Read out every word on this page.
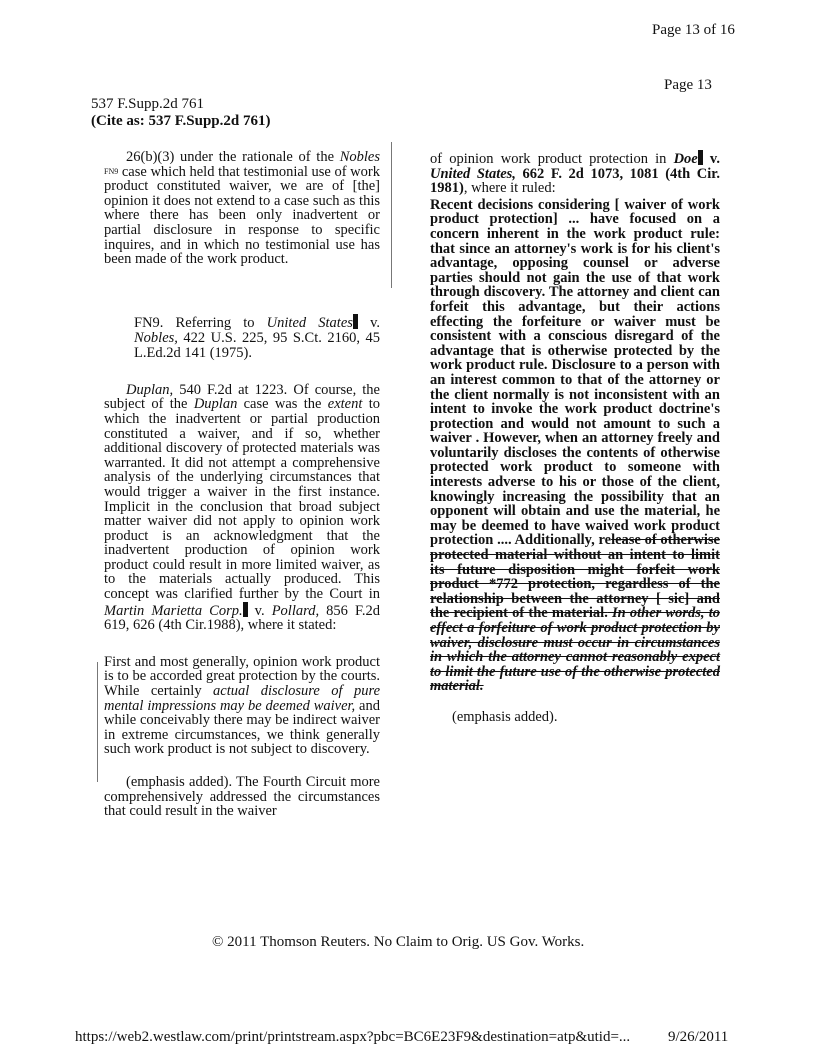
Page 13 of 16
Page 13
537 F.Supp.2d 761
(Cite as: 537 F.Supp.2d 761)

26(b)(3) under the rationale of the Nobles $^{FN9}$ case which held that testimonial use of work product constituted waiver, we are of [the] opinion it does not extend to a case such as this where there has been only inadvertent or partial disclosure in response to specific inquires, and in which no testimonial use has been made of the work product.

FN9. Referring to United States v. Nobles, 422 U.S. 225, 95 S.Ct. 2160, 45 L.Ed.2d 141 (1975).

Duplan, 540 F.2d at 1223. Of course, the subject of the Duplan case was the extent to which the inadvertent or partial production constituted a waiver, and if so, whether additional discovery of protected materials was warranted. It did not attempt a comprehensive analysis of the underlying circumstances that would trigger a waiver in the first instance. Implicit in the conclusion that broad subject matter waiver did not apply to opinion work product is an acknowledgment that the inadvertent production of opinion work product could result in more limited waiver, as to the materials actually produced. This concept was clarified further by the Court in Martin Marietta Corp. v. Pollard, 856 F.2d 619, 626 (4th Cir.1988), where it stated:

First and most generally, opinion work product is to be accorded great protection by the courts. While certainly actual disclosure of pure mental impressions may be deemed waiver, and while conceivably there may be indirect waiver in extreme circumstances, we think generally such work product is not subject to discovery.

(emphasis added). The Fourth Circuit more comprehensively addressed the circumstances that could result in the waiver

of opinion work product protection in Doe v. United States, 662 F. 2d 1073, 1081 (4th Cir. 1981), where it ruled:

Recent decisions considering [ waiver of work product protection] ... have focused on a concern inherent in the work product rule: that since an attorney's work is for his client's advantage, opposing counsel or adverse parties should not gain the use of that work through discovery. The attorney and client can forfeit this advantage, but their actions effecting the forfeiture or waiver must be consistent with a conscious disregard of the advantage that is otherwise protected by the work product rule. Disclosure to a person with an interest common to that of the attorney or the client normally is not inconsistent with an intent to invoke the work product doctrine's protection and would not amount to such a waiver . However, when an attorney freely and voluntarily discloses the contents of otherwise protected work product to someone with interests adverse to his or those of the client, knowingly increasing the possibility that an opponent will obtain and use the material, he may be deemed to have waived work product protection .... Additionally, release of otherwise protected material without an intent to limit its future disposition might forfeit work product *772 protection, regardless of the relationship between the attorney [ sic] and the recipient of the material. In other words, to effect a forfeiture of work product protection by waiver, disclosure must occur in circumstances in which the attorney cannot reasonably expect to limit the future use of the otherwise protected material.

(emphasis added).

© 2011 Thomson Reuters. No Claim to Orig. US Gov. Works.
https://web2.westlaw.com/print/printstream.aspx?pbc=BC6E23F9&destination=atp&utid=...	9/26/2011
